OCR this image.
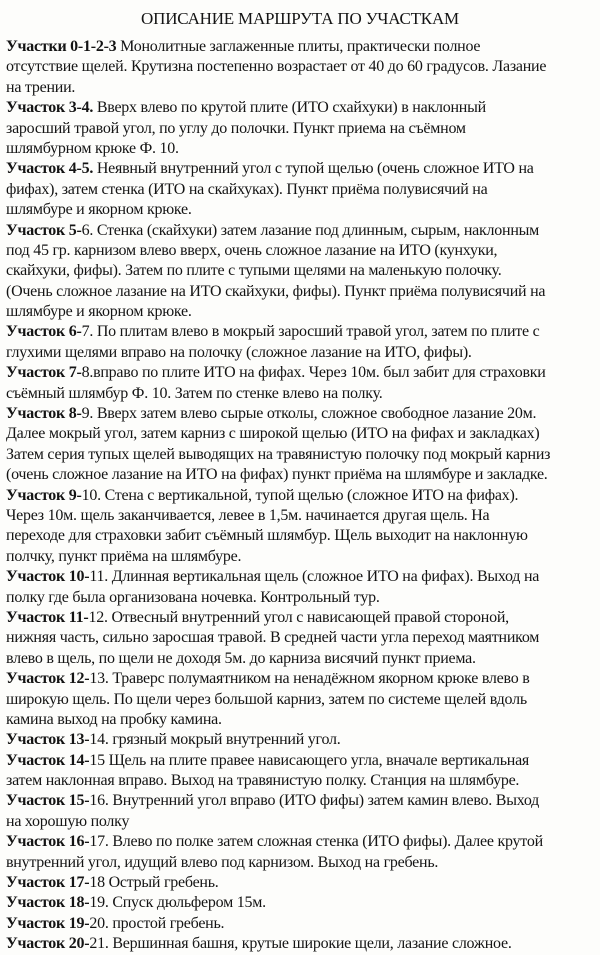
ОПИСАНИЕ МАРШРУТА ПО УЧАСТКАМ
Участки 0-1-2-3 Монолитные заглаженные плиты, практически полное
отсутствие щелей. Крутизна постепенно возрастает от 40 до 60 градусов. Лазание
на трении.
Участок 3-4. Вверх влево по крутой плите (ИТО схайхуки) в наклонный
заросший травой угол, по углу до полочки. Пункт приема на съёмном
шлямбурном крюке Ф. 10.
Участок 4-5. Неявный внутренний угол с тупой щелью (очень сложное ИТО на
фифах), затем стенка (ИТО на скайхуках). Пункт приёма полувисячий на
шлямбуре и якорном крюке.
Участок 5-6. Стенка (скайхуки) затем лазание под длинным, сырым, наклонным
под 45 гр. карнизом влево вверх, очень сложное лазание на ИТО (кунхуки,
скайхуки, фифы). Затем по плите с тупыми щелями на маленькую полочку.
(Очень сложное лазание на ИТО скайхуки, фифы). Пункт приёма полувисячий на
шлямбуре и якорном крюке.
Участок 6-7. По плитам влево в мокрый заросший травой угол, затем по плите с
глухими щелями вправо на полочку (сложное лазание на ИТО, фифы).
Участок 7-8.вправо по плите ИТО на фифах. Через 10м. был забит для страховки
съёмный шлямбур Ф. 10. Затем по стенке влево на полку.
Участок 8-9. Вверх затем влево сырые отколы, сложное свободное лазание 20м.
Далее мокрый угол, затем карниз с широкой щелью (ИТО на фифах и закладках)
Затем серия тупых щелей выводящих на травянистую полочку под мокрый карниз
(очень сложное лазание на ИТО на фифах) пункт приёма на шлямбуре и закладке.
Участок 9-10. Стена с вертикальной, тупой щелью (сложное ИТО на фифах).
Через 10м. щель заканчивается, левее в 1,5м. начинается другая щель. На
переходе для страховки забит съёмный шлямбур. Щель выходит на наклонную
полчку, пункт приёма на шлямбуре.
Участок 10-11. Длинная вертикальная щель (сложное ИТО на фифах). Выход на
полку где была организована ночевка. Контрольный тур.
Участок 11-12. Отвесный внутренний угол с нависающей правой стороной,
нижняя часть, сильно заросшая травой. В средней части угла переход маятником
влево в щель, по щели не доходя 5м. до карниза висячий пункт приема.
Участок 12-13. Траверс полумаятником на ненадёжном якорном крюке влево в
широкую щель. По щели через большой карниз, затем по системе щелей вдоль
камина выход на пробку камина.
Участок 13-14. грязный мокрый внутренний угол.
Участок 14-15 Щель на плите правее нависающего угла, вначале вертикальная
затем наклонная вправо. Выход на травянистую полку. Станция на шлямбуре.
Участок 15-16. Внутренний угол вправо (ИТО фифы) затем камин влево. Выход
на хорошую полку
Участок 16-17. Влево по полке затем сложная стенка (ИТО фифы). Далее крутой
внутренний угол, идущий влево под карнизом. Выход на гребень.
Участок 17-18 Острый гребень.
Участок 18-19. Спуск дюльфером 15м.
Участок 19-20. простой гребень.
Участок 20-21. Вершинная башня, крутые широкие щели, лазание сложное.
